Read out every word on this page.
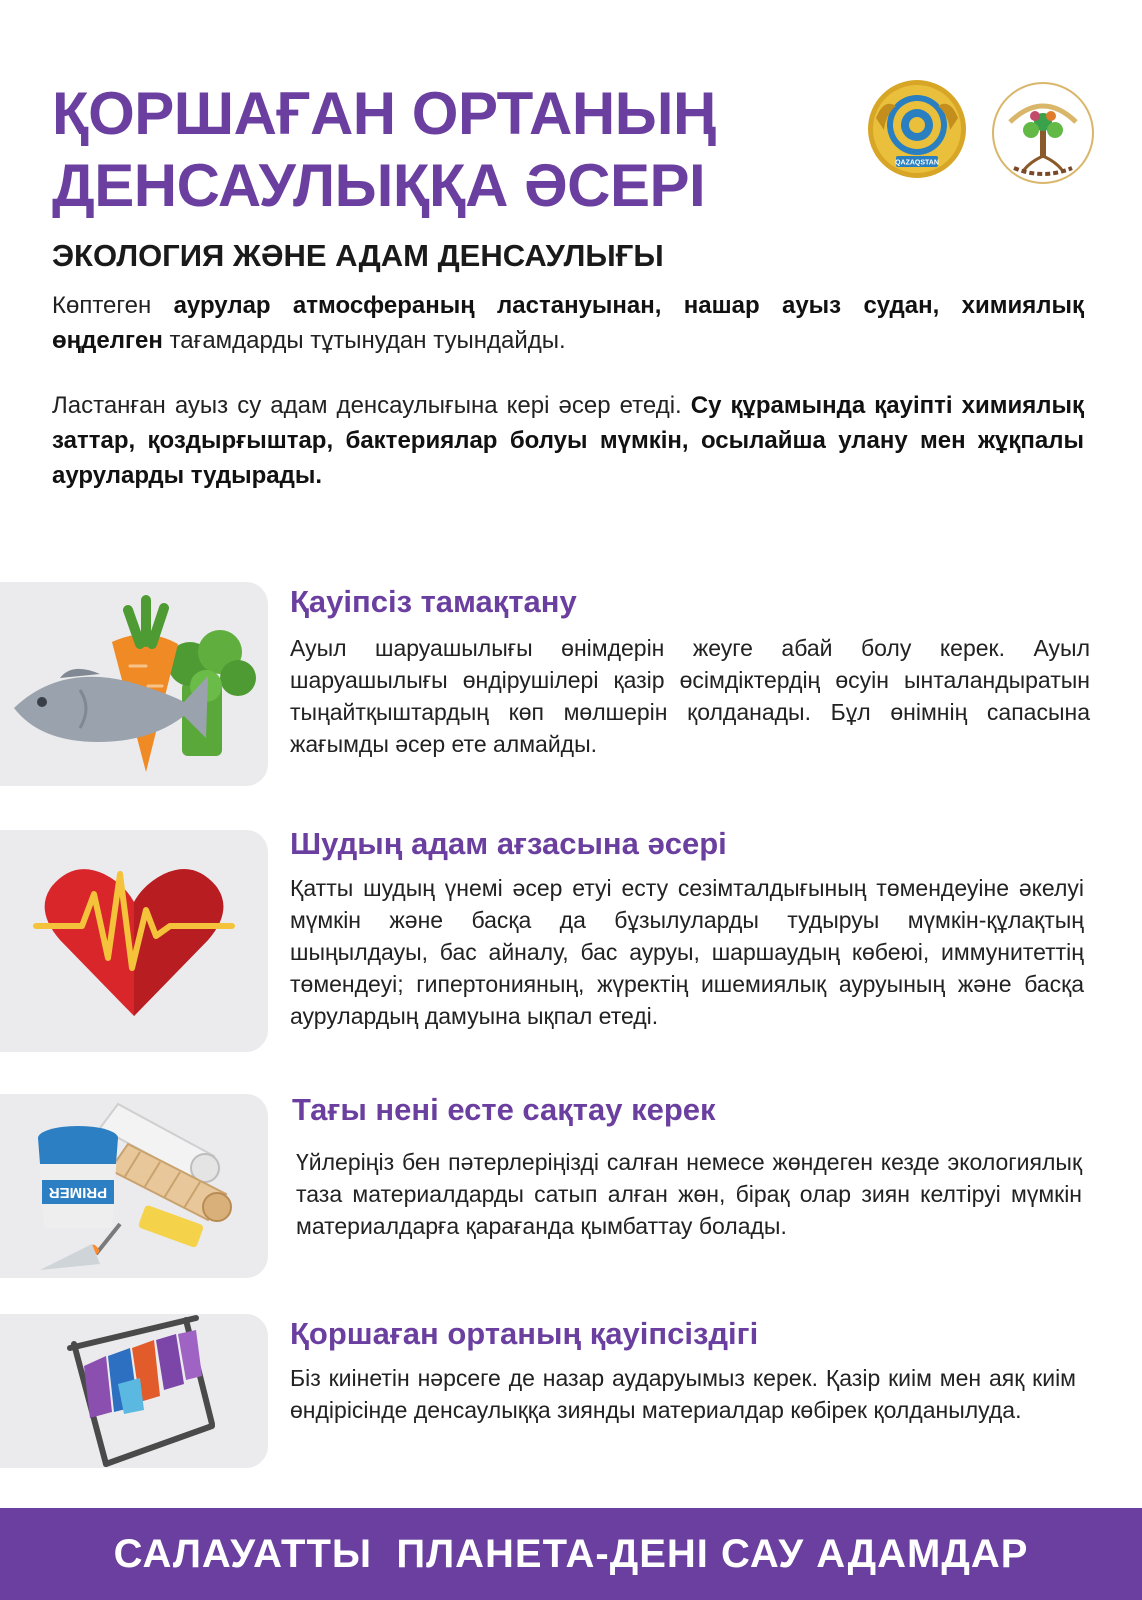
ҚОРШАҒАН ОРТАНЫҢ
ДЕНСАУЛЫҚҚА ӘСЕРІ	QAZAQSTAN
ЭКОЛОГИЯ ЖӘНЕ АДАМ ДЕНСАУЛЫҒЫ
Көптеген аурулар атмосфераның ластануынан, нашар ауыз судан, химиялық өңделген тағамдарды тұтынудан туындайды.
Ластанған ауыз су адам денсаулығына кері әсер етеді. Су құрамында қауіпті химиялық заттар, қоздырғыштар, бактериялар болуы мүмкін, осылайша улану мен жұқпалы ауруларды тудырады.
Қауіпсіз тамақтану
Ауыл шаруашылығы өнімдерін жеуге абай болу керек. Ауыл шаруашылығы өндірушілері қазір өсімдіктердің өсуін ынталандыратын тыңайтқыштардың көп мөлшерін қолданады. Бұл өнімнің сапасына жағымды әсер ете алмайды.
Шудың адам ағзасына әсері
Қатты шудың үнемі әсер етуі есту сезімталдығының төмендеуіне әкелуі мүмкін және басқа да бұзылуларды тудыруы мүмкін-құлақтың шыңылдауы, бас айналу, бас ауруы, шаршаудың көбеюі, иммунитеттің төмендеуі; гипертонияның, жүректің ишемиялық ауруының және басқа аурулардың дамуына ықпал етеді.
PRIMER
Тағы нені есте сақтау керек
Үйлеріңіз бен пәтерлеріңізді салған немесе жөндеген кезде экологиялық таза материалдарды сатып алған жөн, бірақ олар зиян келтіруі мүмкін материалдарға қарағанда қымбаттау болады.
Қоршаған ортаның қауіпсіздігі
Біз киінетін нәрсеге де назар аударуымыз керек. Қазір киім мен аяқ киім өндірісінде денсаулыққа зиянды материалдар көбірек қолданылуда.
САЛАУАТТЫ  ПЛАНЕТА-ДЕНІ САУ АДАМДАР
